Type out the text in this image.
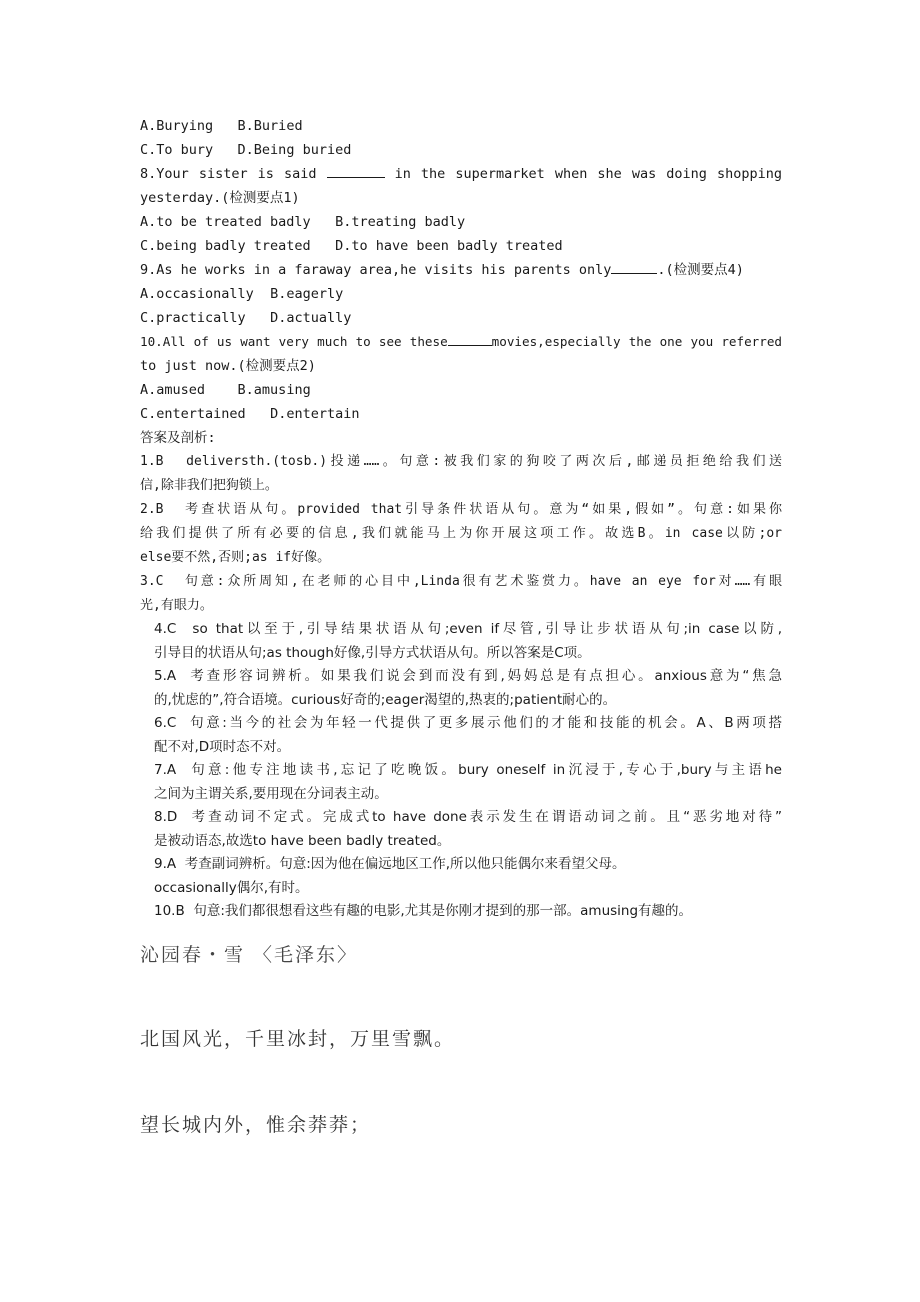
A.Burying B.Buried

C.To bury D.Being buried

8.Your sister is said	in the supermarket when she was doing shopping

yesterday.(检测要点1)

A.to be treated badly B.treating badly

C.being badly treated D.to have been badly treated

9.As he works in a faraway area,he visits his parents only	.(检测要点4)

A.occasionally B.eagerly

C.practically D.actually

10.All of us want very much to see these	movies,especially the one you referred

to just now.(检测要点2)

A.amused B.amusing

C.entertained D.entertain

答案及剖析:

1.B  deliversth.(tosb.)投递……。句意:被我们家的狗咬了两次后,邮递员拒绝给我们送

信,除非我们把狗锁上。

2.B  考查状语从句。provided that引导条件状语从句。意为“如果,假如”。句意:如果你

给我们提供了所有必要的信息,我们就能马上为你开展这项工作。故选B。in case以防;or

else要不然,否则;as if好像。

3.C  句意:众所周知,在老师的心目中,Linda很有艺术鉴赏力。have an eye for对……有眼

光,有眼力。

4.C  so that以至于,引导结果状语从句;even if尽管,引导让步状语从句;in case以防,

引导目的状语从句;as though好像,引导方式状语从句。所以答案是C项。

5.A  考查形容词辨析。如果我们说会到而没有到,妈妈总是有点担心。anxious意为“焦急

的,忧虑的”,符合语境。curious好奇的;eager渴望的,热衷的;patient耐心的。

6.C  句意:当今的社会为年轻一代提供了更多展示他们的才能和技能的机会。A、B两项搭

配不对,D项时态不对。

7.A  句意:他专注地读书,忘记了吃晚饭。bury oneself in沉浸于,专心于,bury与主语he

之间为主谓关系,要用现在分词表主动。

8.D  考查动词不定式。完成式to have done表示发生在谓语动词之前。且“恶劣地对待”

是被动语态,故选to have been badly treated。

9.A  考查副词辨析。句意:因为他在偏远地区工作,所以他只能偶尔来看望父母。

occasionally偶尔,有时。

10.B  句意:我们都很想看这些有趣的电影,尤其是你刚才提到的那一部。amusing有趣的。

沁园春・雪 〈毛泽东〉
北国风光，千里冰封，万里雪飘。
望长城内外，惟余莽莽；
